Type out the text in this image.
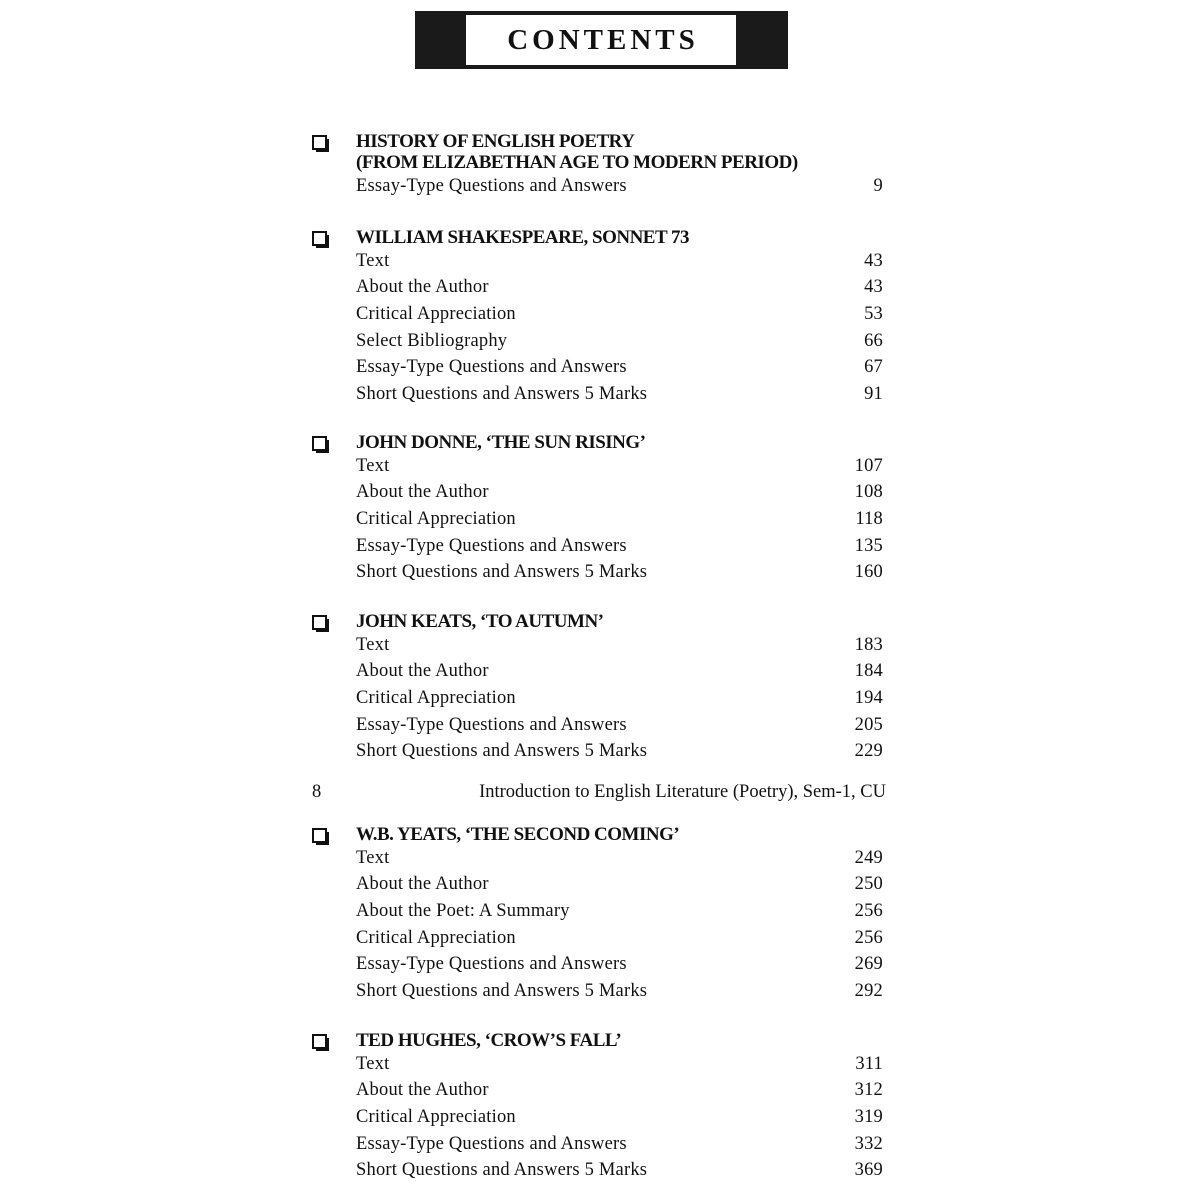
CONTENTS
HISTORY OF ENGLISH POETRY
(FROM ELIZABETHAN AGE TO MODERN PERIOD)
Essay-Type Questions and Answers	9
WILLIAM SHAKESPEARE, SONNET 73
Text	43
About the Author	43
Critical Appreciation	53
Select Bibliography	66
Essay-Type Questions and Answers	67
Short Questions and Answers 5 Marks	91
JOHN DONNE, ‘THE SUN RISING’
Text	107
About the Author	108
Critical Appreciation	118
Essay-Type Questions and Answers	135
Short Questions and Answers 5 Marks	160
JOHN KEATS, ‘TO AUTUMN’
Text	183
About the Author	184
Critical Appreciation	194
Essay-Type Questions and Answers	205
Short Questions and Answers 5 Marks	229
8	Introduction to English Literature (Poetry), Sem-1, CU
W.B. YEATS, ‘THE SECOND COMING’
Text	249
About the Author	250
About the Poet: A Summary	256
Critical Appreciation	256
Essay-Type Questions and Answers	269
Short Questions and Answers 5 Marks	292
TED HUGHES, ‘CROW’S FALL’
Text	311
About the Author	312
Critical Appreciation	319
Essay-Type Questions and Answers	332
Short Questions and Answers 5 Marks	369
